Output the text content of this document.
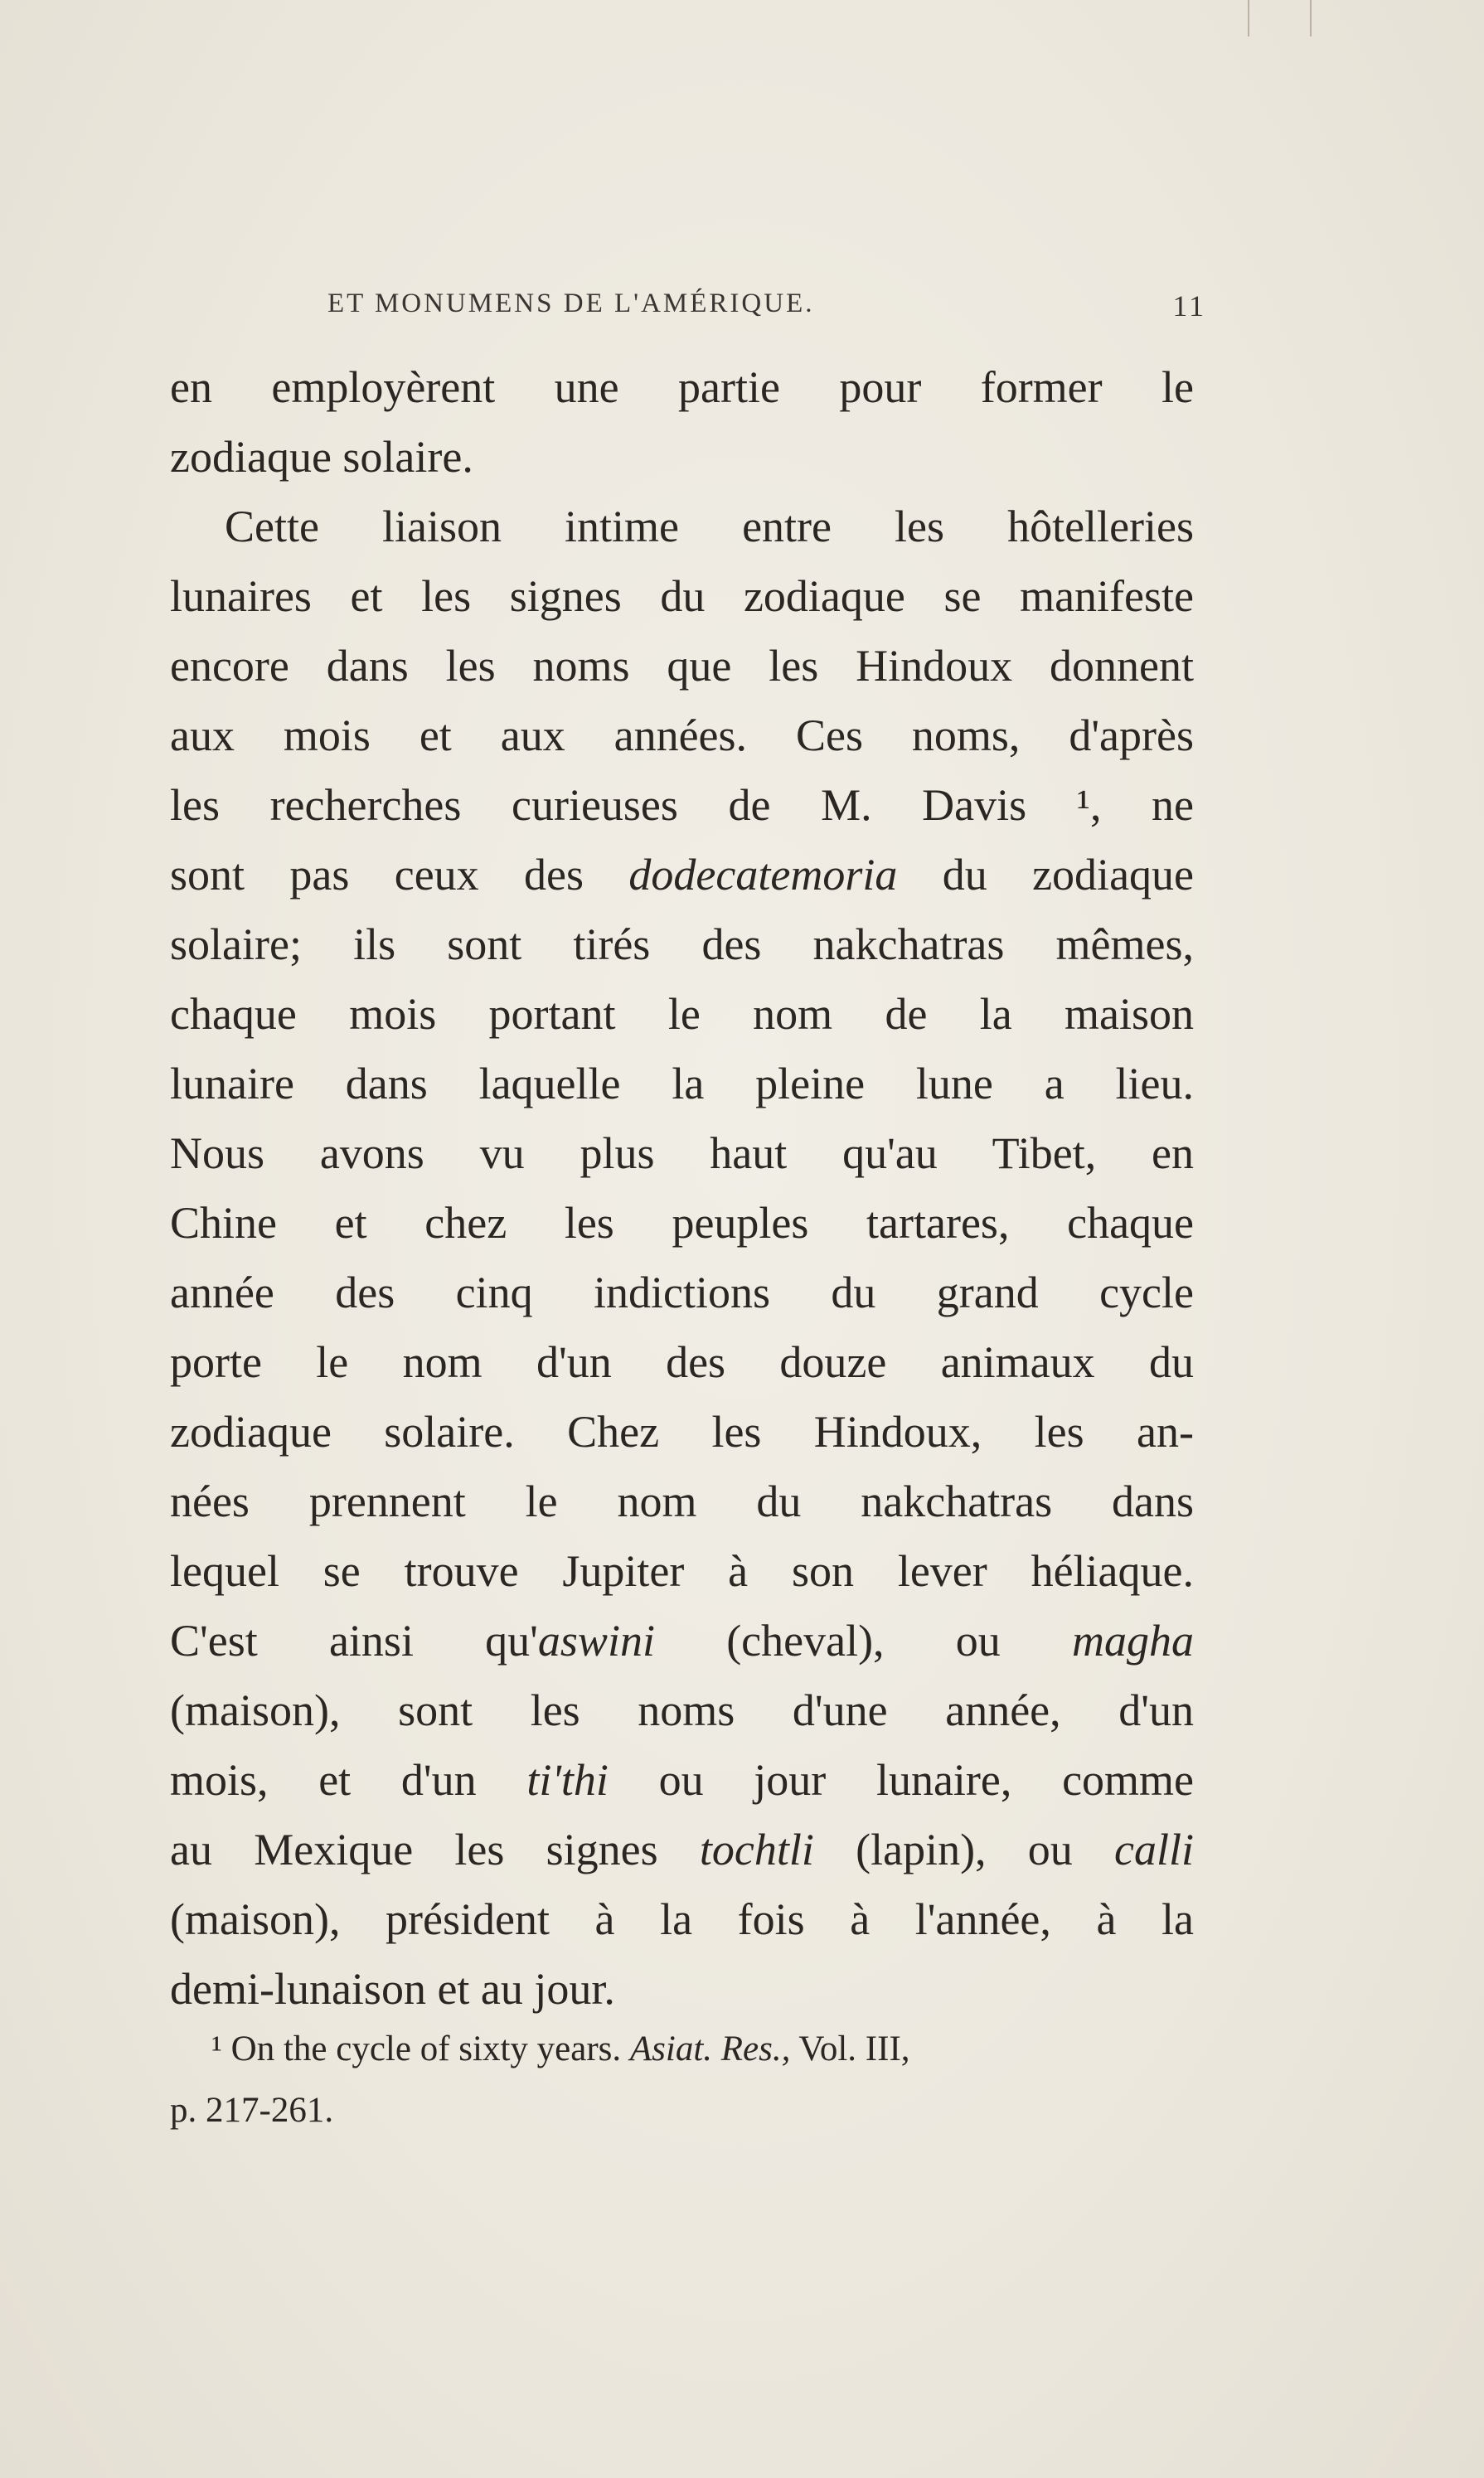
ET MONUMENS DE L'AMÉRIQUE.	11
en employèrent une partie pour former le
zodiaque solaire.
Cette liaison intime entre les hôtelleries
lunaires et les signes du zodiaque se manifeste
encore dans les noms que les Hindoux donnent
aux mois et aux années. Ces noms, d'après
les recherches curieuses de M. Davis ¹, ne
sont pas ceux des dodecatemoria du zodiaque
solaire; ils sont tirés des nakchatras mêmes,
chaque mois portant le nom de la maison
lunaire dans laquelle la pleine lune a lieu.
Nous avons vu plus haut qu'au Tibet, en
Chine et chez les peuples tartares, chaque
année des cinq indictions du grand cycle
porte le nom d'un des douze animaux du
zodiaque solaire. Chez les Hindoux, les an-
nées prennent le nom du nakchatras dans
lequel se trouve Jupiter à son lever héliaque.
C'est ainsi qu'aswini (cheval), ou magha
(maison), sont les noms d'une année, d'un
mois, et d'un ti'thi ou jour lunaire, comme
au Mexique les signes tochtli (lapin), ou calli
(maison), président à la fois à l'année, à la
demi-lunaison et au jour.
¹ On the cycle of sixty years. Asiat. Res., Vol. III,
p. 217-261.
